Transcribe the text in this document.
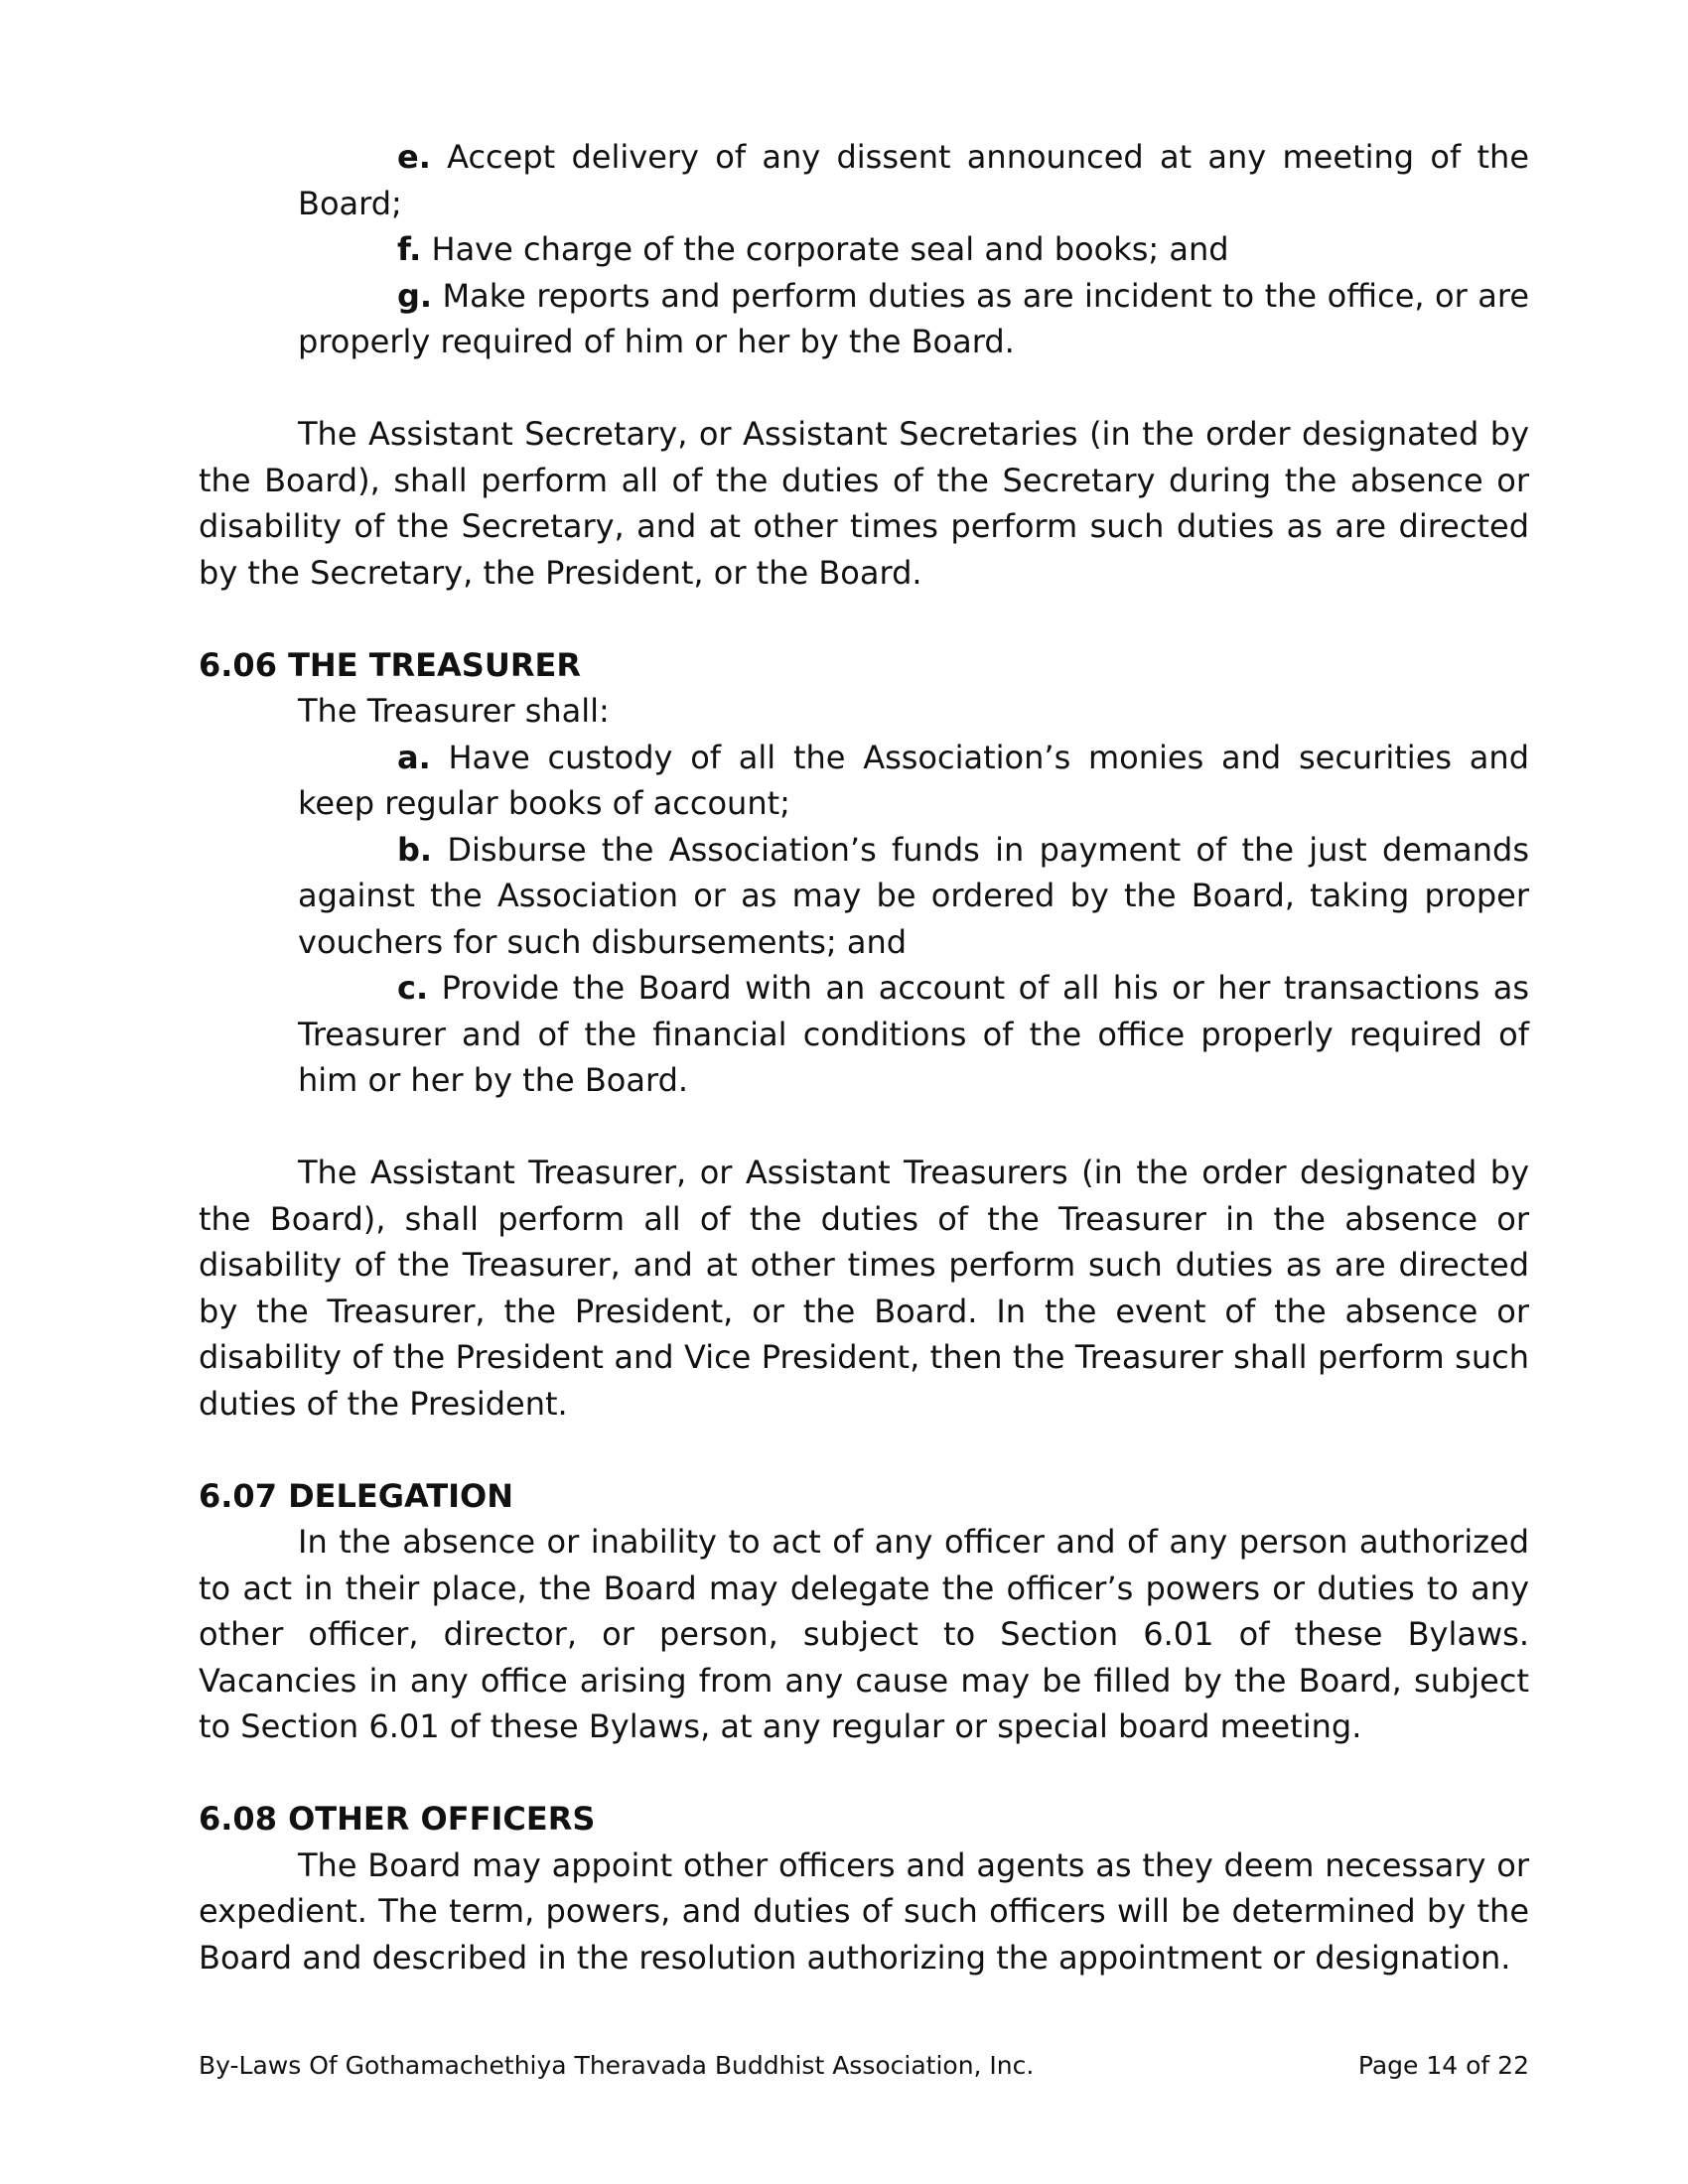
e. Accept delivery of any dissent announced at any meeting of the Board;
f. Have charge of the corporate seal and books; and
g. Make reports and perform duties as are incident to the office, or are properly required of him or her by the Board.
The Assistant Secretary, or Assistant Secretaries (in the order designated by the Board), shall perform all of the duties of the Secretary during the absence or disability of the Secretary, and at other times perform such duties as are directed by the Secretary, the President, or the Board.
6.06 THE TREASURER
The Treasurer shall:
a. Have custody of all the Association’s monies and securities and keep regular books of account;
b. Disburse the Association’s funds in payment of the just demands against the Association or as may be ordered by the Board, taking proper vouchers for such disbursements; and
c. Provide the Board with an account of all his or her transactions as Treasurer and of the financial conditions of the office properly required of him or her by the Board.
The Assistant Treasurer, or Assistant Treasurers (in the order designated by the Board), shall perform all of the duties of the Treasurer in the absence or disability of the Treasurer, and at other times perform such duties as are directed by the Treasurer, the President, or the Board. In the event of the absence or disability of the President and Vice President, then the Treasurer shall perform such duties of the President.
6.07 DELEGATION
In the absence or inability to act of any officer and of any person authorized to act in their place, the Board may delegate the officer’s powers or duties to any other officer, director, or person, subject to Section 6.01 of these Bylaws. Vacancies in any office arising from any cause may be filled by the Board, subject to Section 6.01 of these Bylaws, at any regular or special board meeting.
6.08 OTHER OFFICERS
The Board may appoint other officers and agents as they deem necessary or expedient. The term, powers, and duties of such officers will be determined by the Board and described in the resolution authorizing the appointment or designation.
By-Laws Of Gothamachethiya Theravada Buddhist Association, Inc.	Page 14 of 22
